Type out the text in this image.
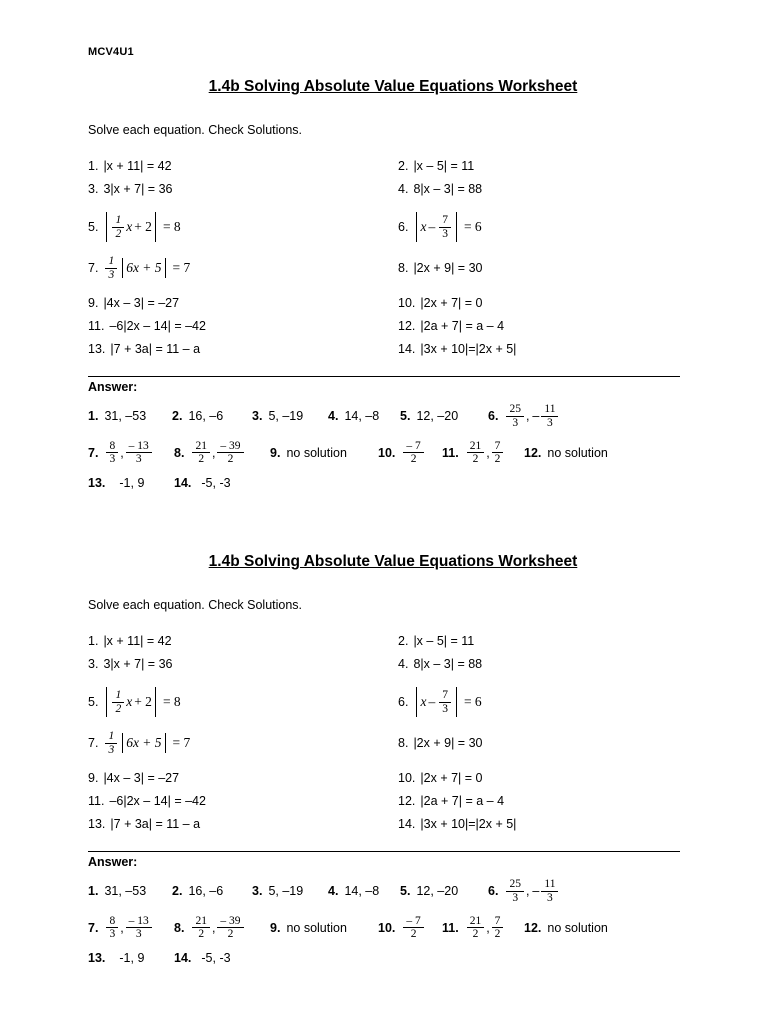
MCV4U1
1.4b Solving Absolute Value Equations Worksheet
Solve each equation. Check Solutions.
1. |x + 11| = 42	2. |x – 5| = 11
3. 3|x + 7| = 36	4. 8|x – 3| = 88
5. $\frac{1}{2}$ x + 2 = 8	6. $x - \frac{7}{3} = 6$
7. $\frac{1}{3} 6x + 5 = 7$	8. |2x + 9| = 30
9. |4x – 3| = –27	10. |2x + 7| = 0
11. –6|2x – 14| = –42	12. |2a + 7| = a – 4
13. |7 + 3a| = 11 – a	14. |3x + 10|=|2x + 5|
Answer:
1. 31, –53 2. 16, –6 3. 5, –19 4. 14, –8 5. 12, –20 6. $\frac{25}{3}$ , – $\frac{11}{3}$
7. $\frac{8}{3}$ , $\frac{- 13}{3} 8$. $\frac{21}{2}$ , $\frac{- 39}{2} 9$. no solution 10. $\frac{- 7}{2} 11$. $\frac{21}{2}$ , $\frac{7}{2} 12$. no solution
13. -1, 9 14. -5, -3
1.4b Solving Absolute Value Equations Worksheet
Solve each equation. Check Solutions.
1. |x + 11| = 42	2. |x – 5| = 11
3. 3|x + 7| = 36	4. 8|x – 3| = 88
5. $\frac{1}{2}$ x + 2 = 8	6. $x - \frac{7}{3} = 6$
7. $\frac{1}{3} 6x + 5 = 7$	8. |2x + 9| = 30
9. |4x – 3| = –27	10. |2x + 7| = 0
11. –6|2x – 14| = –42	12. |2a + 7| = a – 4
13. |7 + 3a| = 11 – a	14. |3x + 10|=|2x + 5|
Answer:
1. 31, –53 2. 16, –6 3. 5, –19 4. 14, –8 5. 12, –20 6. $\frac{25}{3}$ , – $\frac{11}{3}$
7. $\frac{8}{3}$ , $\frac{- 13}{3} 8$. $\frac{21}{2}$ , $\frac{- 39}{2} 9$. no solution 10. $\frac{- 7}{2} 11$. $\frac{21}{2}$ , $\frac{7}{2} 12$. no solution
13. -1, 9 14. -5, -3
